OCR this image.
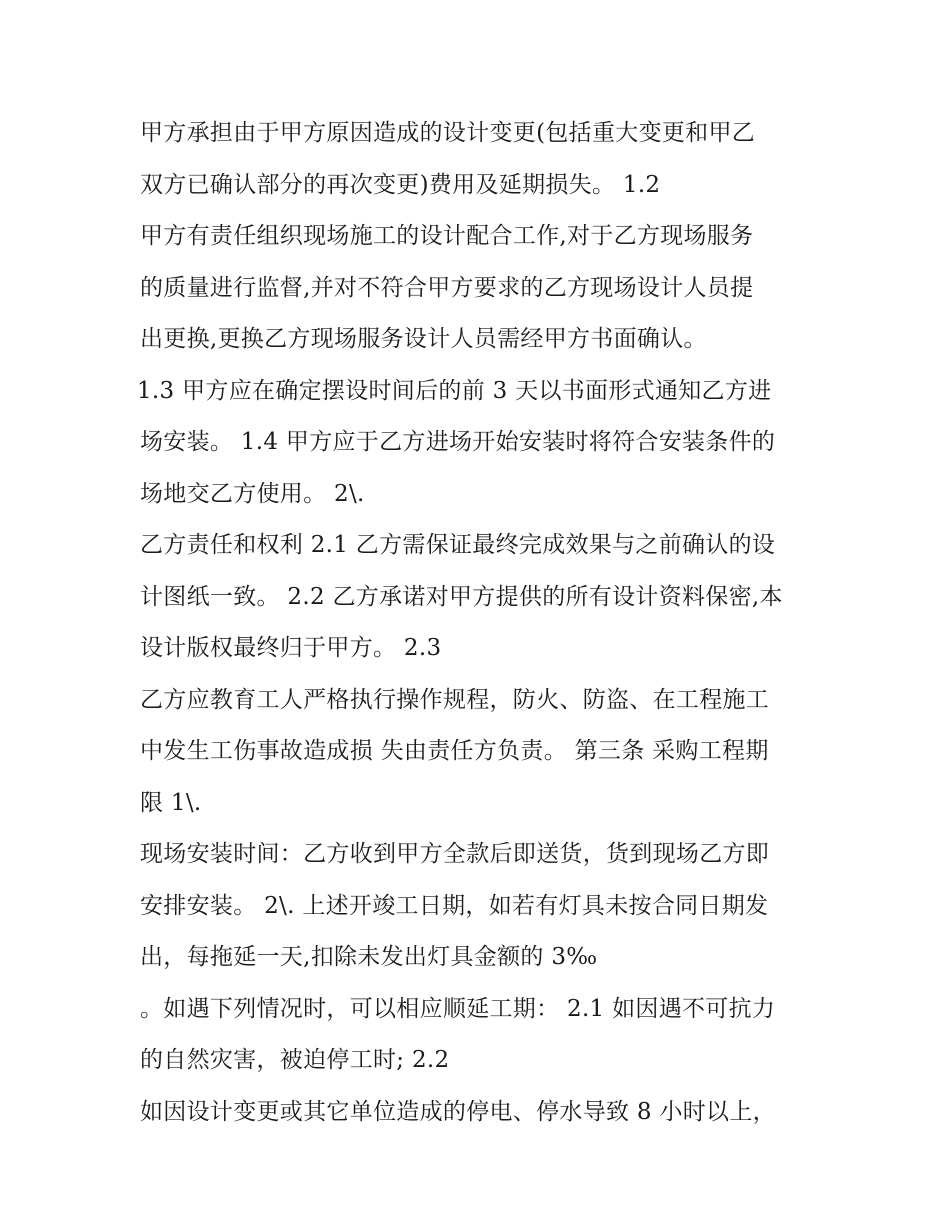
甲方承担由于甲方原因造成的设计变更(包括重大变更和甲乙
双方已确认部分的再次变更)费用及延期损失。 1.2
甲方有责任组织现场施工的设计配合工作,对于乙方现场服务
的质量进行监督,并对不符合甲方要求的乙方现场设计人员提
出更换,更换乙方现场服务设计人员需经甲方书面确认。
1.3 甲方应在确定摆设时间后的前 3 天以书面形式通知乙方进
场安装。 1.4 甲方应于乙方进场开始安装时将符合安装条件的
场地交乙方使用。 2\.
乙方责任和权利 2.1 乙方需保证最终完成效果与之前确认的设
计图纸一致。 2.2 乙方承诺对甲方提供的所有设计资料保密,本
设计版权最终归于甲方。 2.3
乙方应教育工人严格执行操作规程，防火、防盗、在工程施工
中发生工伤事故造成损 失由责任方负责。 第三条 采购工程期
限 1\.
现场安装时间：乙方收到甲方全款后即送货，货到现场乙方即
安排安装。 2\. 上述开竣工日期，如若有灯具未按合同日期发
出，每拖延一天,扣除未发出灯具金额的 3‰
。如遇下列情况时，可以相应顺延工期： 2.1 如因遇不可抗力
的自然灾害，被迫停工时; 2.2
如因设计变更或其它单位造成的停电、停水导致 8 小时以上，
